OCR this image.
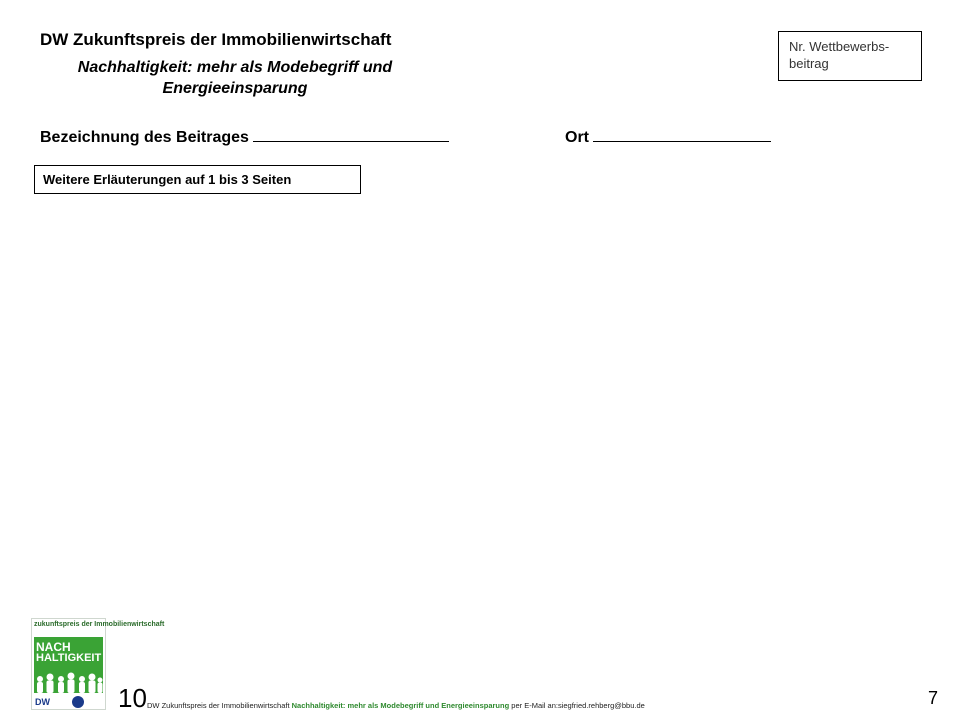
DW Zukunftspreis der Immobilienwirtschaft
Nachhaltigkeit: mehr als Modebegriff und Energieeinsparung
Nr. Wettbewerbs-beitrag
Bezeichnung des Beitrages	Ort
Weitere Erläuterungen auf 1 bis 3 Seiten
zukunftspreis der Immobilienwirtschaft
NACH
HALTIGKEIT
DW	10 DW Zukunftspreis der Immobilienwirtschaft Nachhaltigkeit: mehr als Modebegriff und Energieeinsparung per E-Mail an:siegfried.rehberg@bbu.de	7
